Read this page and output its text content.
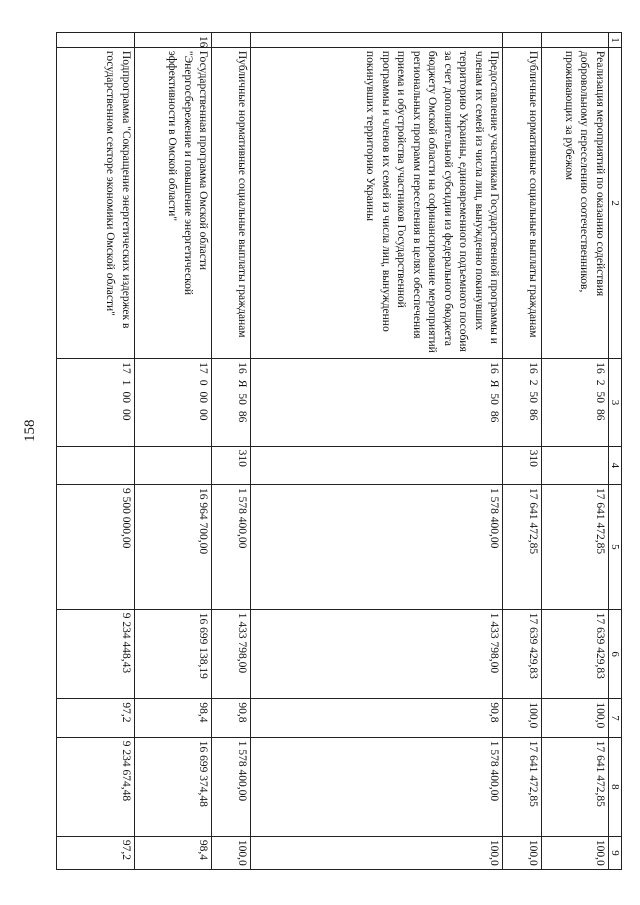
158
1	2	3	4	5	6	7	8	9
	Реализация мероприятий по оказанию содействия добровольному переселению соотечественников, проживающих за рубежом	1625086		17 641 472,85	17 639 429,83	100,0	17 641 472,85	100,0
	Публичные нормативные социальные выплаты гражданам	1625086	310	17 641 472,85	17 639 429,83	100,0	17 641 472,85	100,0
	Предоставление участникам Государственной программы и членам их семей из числа лиц, вынужденно покинувших территорию Украины, единовременного подъемного пособия за счет дополнительной субсидии из федерального бюджета бюджету Омской области на софинансирование мероприятий региональных программ переселения в целях обеспечения приема и обустройства участников Государственной программы и членов их семей из числа лиц, вынужденно покинувших территорию Украины	16Я5086		1 578 400,00	1 433 798,00	90,8	1 578 400,00	100,0
	Публичные нормативные социальные выплаты гражданам	16Я5086	310	1 578 400,00	1 433 798,00	90,8	1 578 400,00	100,0
16	Государственная программа Омской области "Энергосбережение и повышение энергетической эффективности в Омской области"	1700000		16 964 700,00	16 699 138,19	98,4	16 699 374,48	98,4
	Подпрограмма "Сокращение энергетических издержек в государственном секторе экономики Омской области"	1710000		9 500 000,00	9 234 448,43	97,2	9 234 674,48	97,2
